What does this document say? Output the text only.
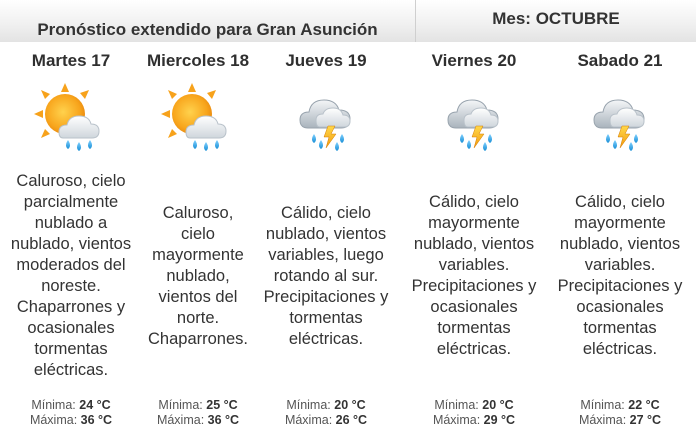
Pronóstico extendido para Gran Asunción
Mes: OCTUBRE
Martes 17
Caluroso, cielo parcialmente nublado a nublado, vientos moderados del noreste. Chaparrones y ocasionales tormentas eléctricas.
Mínima: 24 °C
Máxima: 36 °C
Miercoles 18
Caluroso, cielo mayormente nublado, vientos del norte. Chaparrones.
Mínima: 25 °C
Máxima: 36 °C
Jueves 19
Cálido, cielo nublado, vientos variables, luego rotando al sur. Precipitaciones y tormentas eléctricas.
Mínima: 20 °C
Máxima: 26 °C
Viernes 20
Cálido, cielo mayormente nublado, vientos variables. Precipitaciones y ocasionales tormentas eléctricas.
Mínima: 20 °C
Máxima: 29 °C
Sabado 21
Cálido, cielo mayormente nublado, vientos variables. Precipitaciones y ocasionales tormentas eléctricas.
Mínima: 22 °C
Máxima: 27 °C
